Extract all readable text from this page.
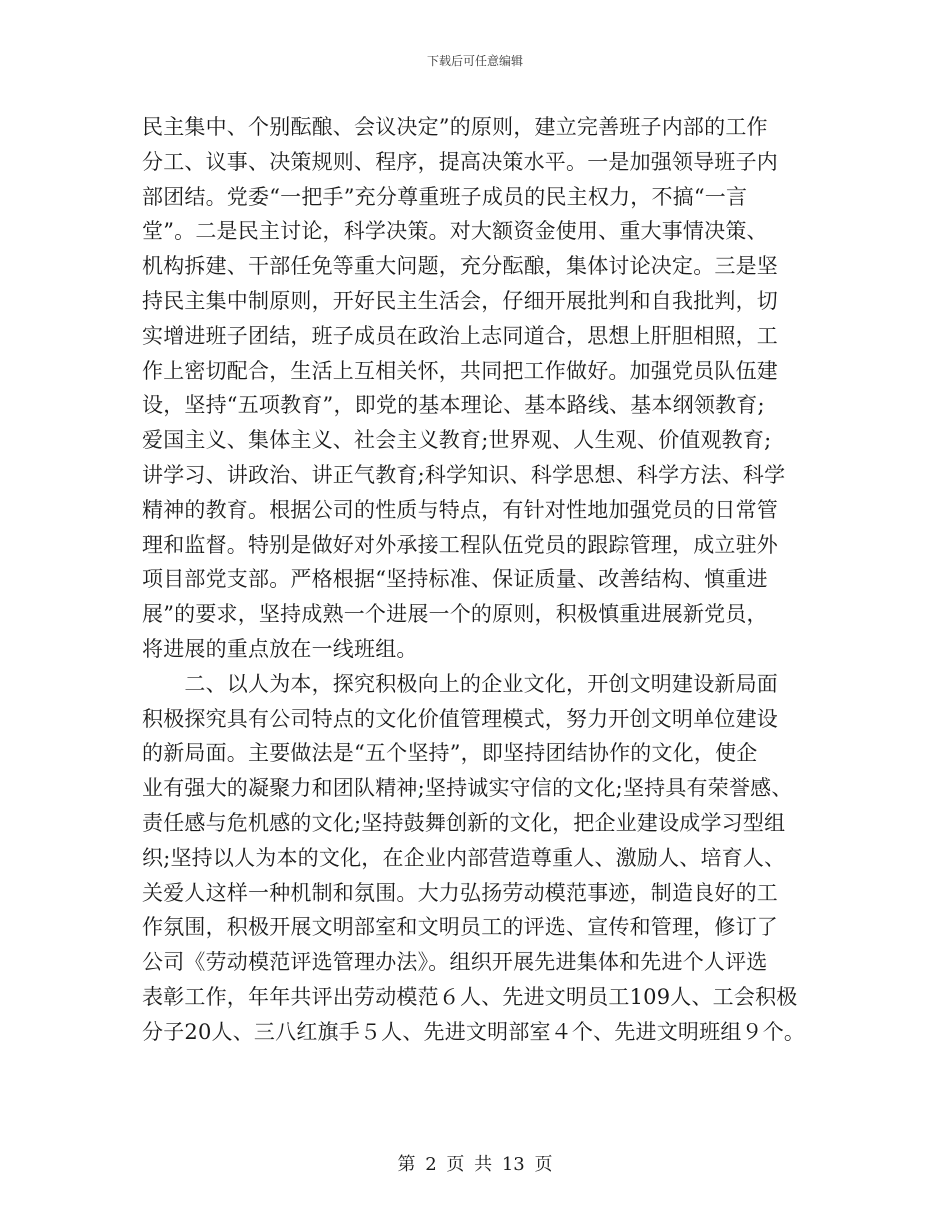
下载后可任意编辑
民主集中、个别酝酿、会议决定”的原则，建立完善班子内部的工作
分工、议事、决策规则、程序，提高决策水平。一是加强领导班子内
部团结。党委“一把手”充分尊重班子成员的民主权力，不搞“一言
堂”。二是民主讨论，科学决策。对大额资金使用、重大事情决策、
机构拆建、干部任免等重大问题，充分酝酿，集体讨论决定。三是坚
持民主集中制原则，开好民主生活会，仔细开展批判和自我批判，切
实增进班子团结，班子成员在政治上志同道合，思想上肝胆相照，工
作上密切配合，生活上互相关怀，共同把工作做好。加强党员队伍建
设，坚持“五项教育”，即党的基本理论、基本路线、基本纲领教育;
爱国主义、集体主义、社会主义教育;世界观、人生观、价值观教育;
讲学习、讲政治、讲正气教育;科学知识、科学思想、科学方法、科学
精神的教育。根据公司的性质与特点，有针对性地加强党员的日常管
理和监督。特别是做好对外承接工程队伍党员的跟踪管理，成立驻外
项目部党支部。严格根据“坚持标准、保证质量、改善结构、慎重进
展”的要求，坚持成熟一个进展一个的原则，积极慎重进展新党员，
将进展的重点放在一线班组。
　　二、以人为本，探究积极向上的企业文化，开创文明建设新局面
积极探究具有公司特点的文化价值管理模式，努力开创文明单位建设
的新局面。主要做法是“五个坚持”，即坚持团结协作的文化，使企
业有强大的凝聚力和团队精神;坚持诚实守信的文化;坚持具有荣誉感、
责任感与危机感的文化;坚持鼓舞创新的文化，把企业建设成学习型组
织;坚持以人为本的文化，在企业内部营造尊重人、激励人、培育人、
关爱人这样一种机制和氛围。大力弘扬劳动模范事迹，制造良好的工
作氛围，积极开展文明部室和文明员工的评选、宣传和管理，修订了
公司《劳动模范评选管理办法》。组织开展先进集体和先进个人评选
表彰工作，年年共评出劳动模范６人、先进文明员工109人、工会积极
分子20人、三八红旗手５人、先进文明部室４个、先进文明班组９个。
第 2 页 共 13 页
